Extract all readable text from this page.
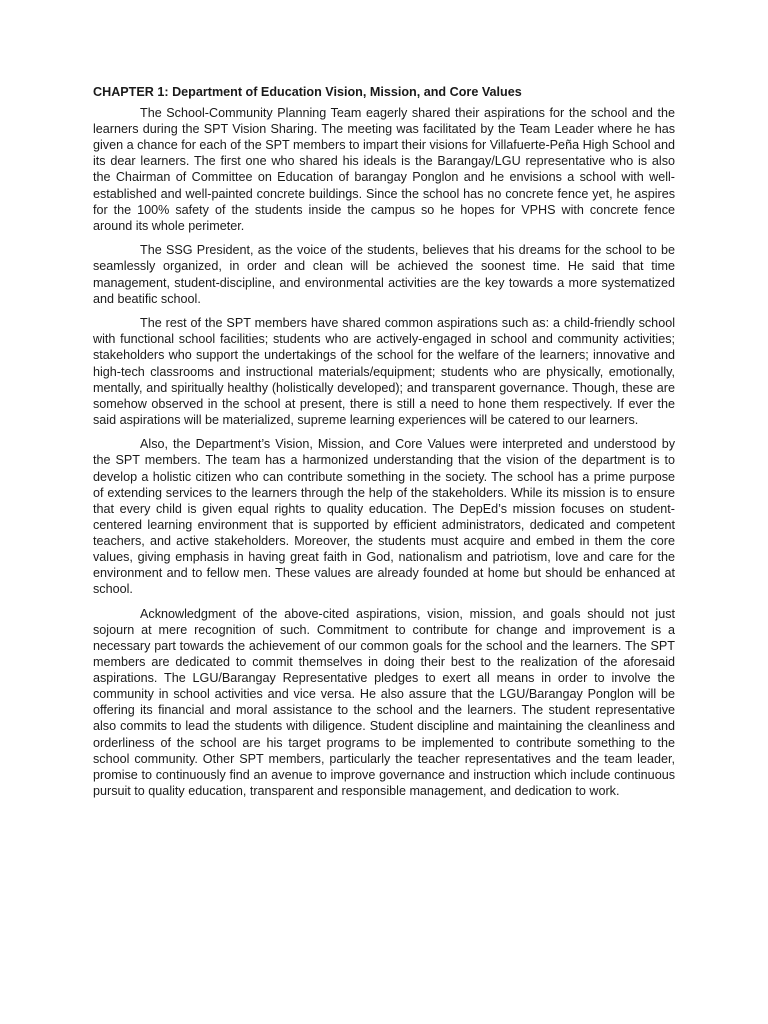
CHAPTER 1: Department of Education Vision, Mission, and Core Values

The School-Community Planning Team eagerly shared their aspirations for the school and the learners during the SPT Vision Sharing. The meeting was facilitated by the Team Leader where he has given a chance for each of the SPT members to impart their visions for Villafuerte-Peña High School and its dear learners. The first one who shared his ideals is the Barangay/LGU representative who is also the Chairman of Committee on Education of barangay Ponglon and he envisions a school with well-established and well-painted concrete buildings. Since the school has no concrete fence yet, he aspires for the 100% safety of the students inside the campus so he hopes for VPHS with concrete fence around its whole perimeter.

The SSG President, as the voice of the students, believes that his dreams for the school to be seamlessly organized, in order and clean will be achieved the soonest time. He said that time management, student-discipline, and environmental activities are the key towards a more systematized and beatific school.

The rest of the SPT members have shared common aspirations such as: a child-friendly school with functional school facilities; students who are actively-engaged in school and community activities; stakeholders who support the undertakings of the school for the welfare of the learners; innovative and high-tech classrooms and instructional materials/equipment; students who are physically, emotionally, mentally, and spiritually healthy (holistically developed); and transparent governance. Though, these are somehow observed in the school at present, there is still a need to hone them respectively. If ever the said aspirations will be materialized, supreme learning experiences will be catered to our learners.

Also, the Department’s Vision, Mission, and Core Values were interpreted and understood by the SPT members. The team has a harmonized understanding that the vision of the department is to develop a holistic citizen who can contribute something in the society. The school has a prime purpose of extending services to the learners through the help of the stakeholders. While its mission is to ensure that every child is given equal rights to quality education. The DepEd’s mission focuses on student-centered learning environment that is supported by efficient administrators, dedicated and competent teachers, and active stakeholders. Moreover, the students must acquire and embed in them the core values, giving emphasis in having great faith in God, nationalism and patriotism, love and care for the environment and to fellow men. These values are already founded at home but should be enhanced at school.

Acknowledgment of the above-cited aspirations, vision, mission, and goals should not just sojourn at mere recognition of such. Commitment to contribute for change and improvement is a necessary part towards the achievement of our common goals for the school and the learners. The SPT members are dedicated to commit themselves in doing their best to the realization of the aforesaid aspirations. The LGU/Barangay Representative pledges to exert all means in order to involve the community in school activities and vice versa. He also assure that the LGU/Barangay Ponglon will be offering its financial and moral assistance to the school and the learners. The student representative also commits to lead the students with diligence. Student discipline and maintaining the cleanliness and orderliness of the school are his target programs to be implemented to contribute something to the school community. Other SPT members, particularly the teacher representatives and the team leader, promise to continuously find an avenue to improve governance and instruction which include continuous pursuit to quality education, transparent and responsible management, and dedication to work.
